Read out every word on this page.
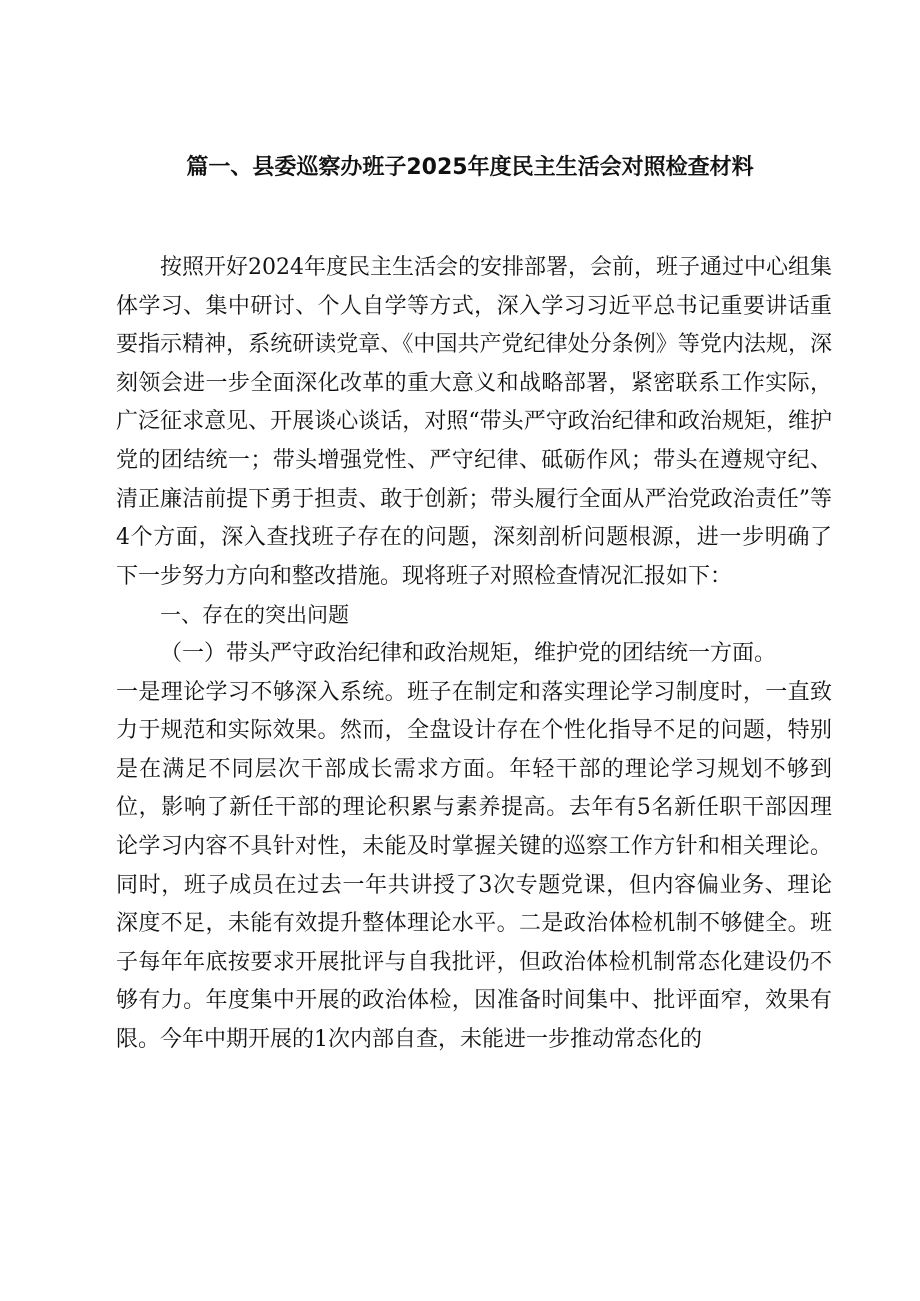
篇一、县委巡察办班子2025年度民主生活会对照检查材料

按照开好2024年度民主生活会的安排部署，会前，班子通过中心组集体学习、集中研讨、个人自学等方式，深入学习习近平总书记重要讲话重要指示精神，系统研读党章、《中国共产党纪律处分条例》等党内法规，深刻领会进一步全面深化改革的重大意义和战略部署，紧密联系工作实际，广泛征求意见、开展谈心谈话，对照“带头严守政治纪律和政治规矩，维护党的团结统一；带头增强党性、严守纪律、砥砺作风；带头在遵规守纪、清正廉洁前提下勇于担责、敢于创新；带头履行全面从严治党政治责任”等4个方面，深入查找班子存在的问题，深刻剖析问题根源，进一步明确了下一步努力方向和整改措施。现将班子对照检查情况汇报如下：

一、存在的突出问题

（一）带头严守政治纪律和政治规矩，维护党的团结统一方面。

一是理论学习不够深入系统。班子在制定和落实理论学习制度时，一直致力于规范和实际效果。然而，全盘设计存在个性化指导不足的问题，特别是在满足不同层次干部成长需求方面。年轻干部的理论学习规划不够到位，影响了新任干部的理论积累与素养提高。去年有5名新任职干部因理论学习内容不具针对性，未能及时掌握关键的巡察工作方针和相关理论。同时，班子成员在过去一年共讲授了3次专题党课，但内容偏业务、理论深度不足，未能有效提升整体理论水平。二是政治体检机制不够健全。班子每年年底按要求开展批评与自我批评，但政治体检机制常态化建设仍不够有力。年度集中开展的政治体检，因准备时间集中、批评面窄，效果有限。今年中期开展的1次内部自查，未能进一步推动常态化的
